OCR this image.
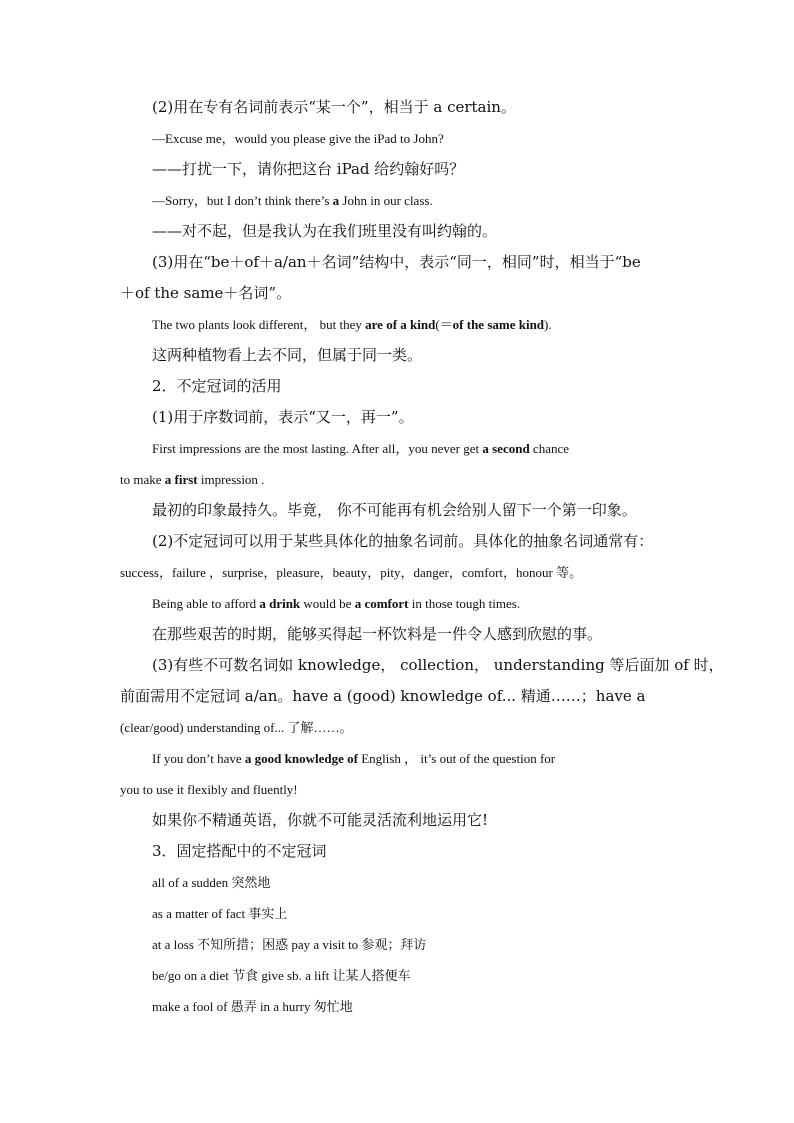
(2)用在专有名词前表示“某一个”，相当于 a certain。
—Excuse me，would you please give the iPad to John?
——打扰一下，请你把这台 iPad 给约翰好吗？
—Sorry，but I don’t think there’s a John in our class.
——对不起，但是我认为在我们班里没有叫约翰的。
(3)用在“be＋of＋a/an＋名词”结构中，表示“同一，相同”时，相当于“be
＋of the same＋名词”。
The two plants look different， but they are of a kind(＝of the same kind).
这两种植物看上去不同，但属于同一类。
2．不定冠词的活用
(1)用于序数词前，表示“又一，再一”。
First impressions are the most lasting. After all，you never get a second chance
to make a first impression .
最初的印象最持久。毕竟， 你不可能再有机会给别人留下一个第一印象。
(2)不定冠词可以用于某些具体化的抽象名词前。具体化的抽象名词通常有：
success，failure ，surprise，pleasure，beauty，pity，danger，comfort，honour 等。
Being able to afford a drink would be a comfort in those tough times.
在那些艰苦的时期，能够买得起一杯饮料是一件令人感到欣慰的事。
(3)有些不可数名词如 knowledge， collection， understanding 等后面加 of 时，
前面需用不定冠词 a/an。have a (good) knowledge of... 精通……；have a
(clear/good) understanding of... 了解……。
If you don’t have a good knowledge of English ， it’s out of the question for
you to use it flexibly and fluently!
如果你不精通英语，你就不可能灵活流利地运用它!
3．固定搭配中的不定冠词
all of a sudden 突然地
as a matter of fact 事实上
at a loss 不知所措；困惑 pay a visit to 参观；拜访
be/go on a diet 节食 give sb. a lift 让某人搭便车
make a fool of 愚弄 in a hurry 匆忙地
